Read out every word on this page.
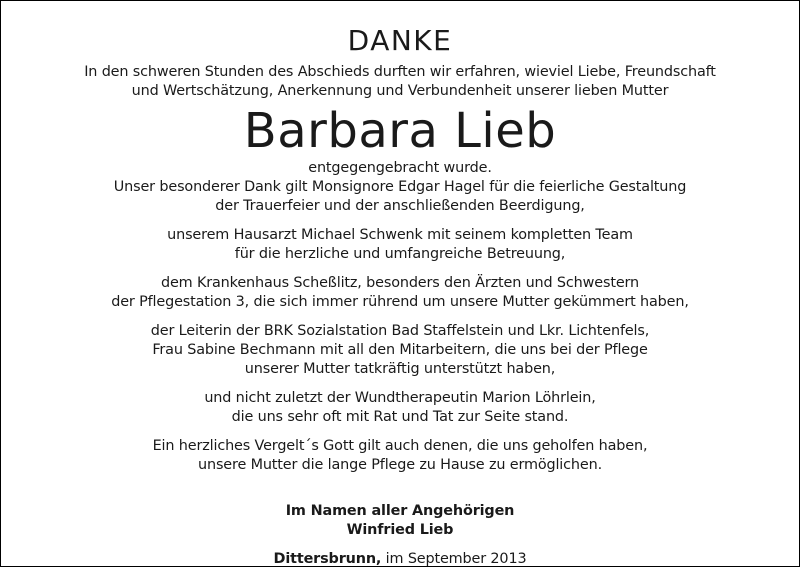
DANKE
In den schweren Stunden des Abschieds durften wir erfahren, wieviel Liebe, Freundschaft
und Wertschätzung, Anerkennung und Verbundenheit unserer lieben Mutter
Barbara Lieb
entgegengebracht wurde.
Unser besonderer Dank gilt Monsignore Edgar Hagel für die feierliche Gestaltung
der Trauerfeier und der anschließenden Beerdigung,
unserem Hausarzt Michael Schwenk mit seinem kompletten Team
für die herzliche und umfangreiche Betreuung,
dem Krankenhaus Scheßlitz, besonders den Ärzten und Schwestern
der Pflegestation 3, die sich immer rührend um unsere Mutter gekümmert haben,
der Leiterin der BRK Sozialstation Bad Staffelstein und Lkr. Lichtenfels,
Frau Sabine Bechmann mit all den Mitarbeitern, die uns bei der Pflege
unserer Mutter tatkräftig unterstützt haben,
und nicht zuletzt der Wundtherapeutin Marion Löhrlein,
die uns sehr oft mit Rat und Tat zur Seite stand.
Ein herzliches Vergelt´s Gott gilt auch denen, die uns geholfen haben,
unsere Mutter die lange Pflege zu Hause zu ermöglichen.
Im Namen aller Angehörigen
Winfried Lieb
Dittersbrunn, im September 2013
